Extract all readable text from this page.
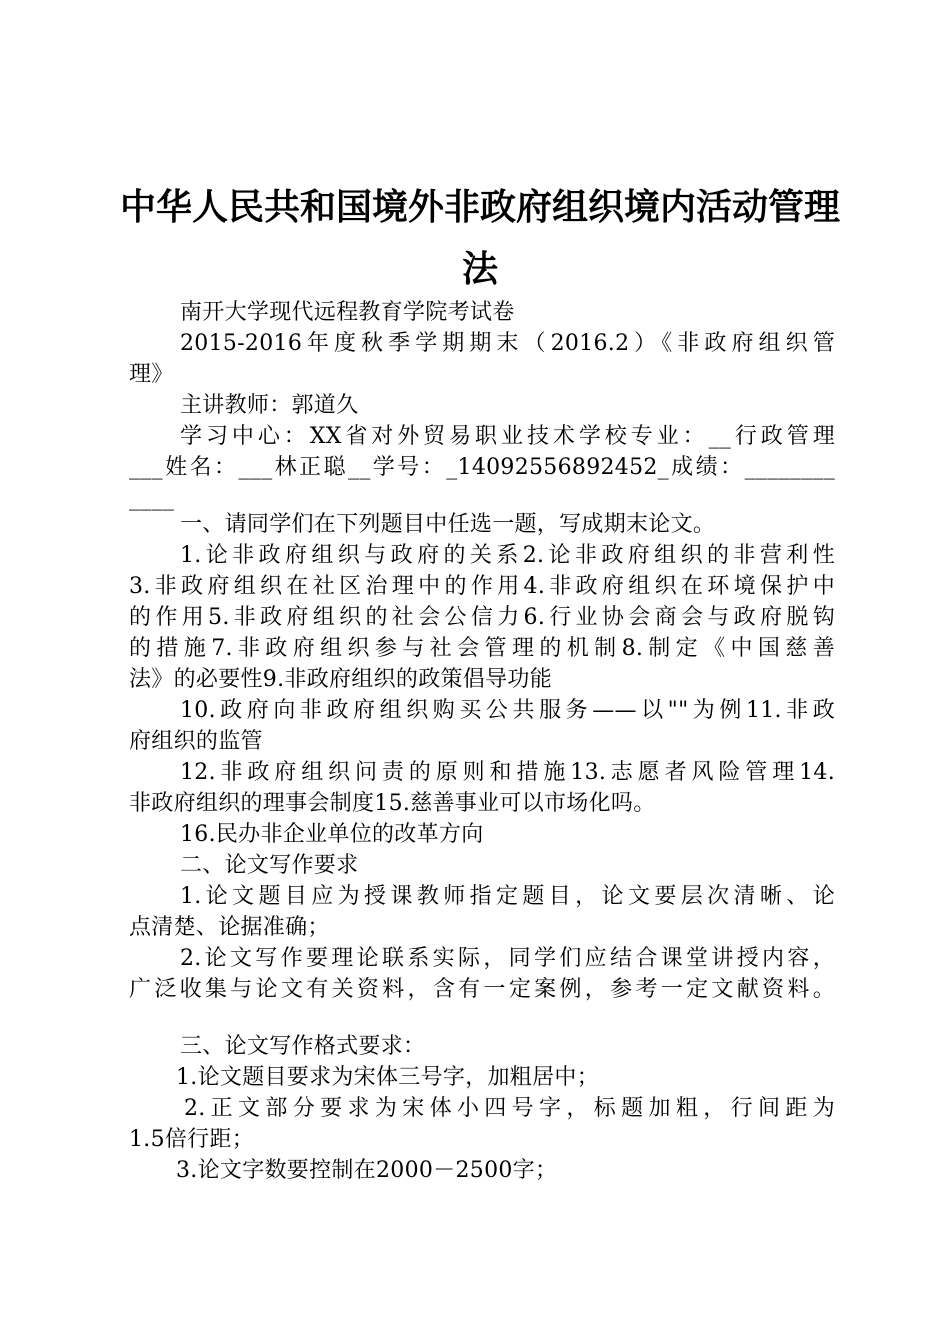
中华人民共和国境外非政府组织境内活动管理
法
南开大学现代远程教育学院考试卷
2015-2016年度秋季学期期末（2016.2）《非政府组织管
理》
主讲教师：郭道久
学习中心：XX省对外贸易职业技术学校专业：__行政管理
___姓名：___林正聪__学号：_14092556892452_成绩：________
____
一、请同学们在下列题目中任选一题，写成期末论文。
1.论非政府组织与政府的关系2.论非政府组织的非营利性
3.非政府组织在社区治理中的作用4.非政府组织在环境保护中
的作用5.非政府组织的社会公信力6.行业协会商会与政府脱钩
的措施7.非政府组织参与社会管理的机制8.制定《中国慈善
法》的必要性9.非政府组织的政策倡导功能
10.政府向非政府组织购买公共服务——以""为例11.非政
府组织的监管
12.非政府组织问责的原则和措施13.志愿者风险管理14.
非政府组织的理事会制度15.慈善事业可以市场化吗。
16.民办非企业单位的改革方向
二、论文写作要求
1.论文题目应为授课教师指定题目，论文要层次清晰、论
点清楚、论据准确；
2.论文写作要理论联系实际，同学们应结合课堂讲授内容，
广泛收集与论文有关资料，含有一定案例，参考一定文献资料。
三、论文写作格式要求：
1.论文题目要求为宋体三号字，加粗居中；
2.正文部分要求为宋体小四号字，标题加粗，行间距为
1.5倍行距；
3.论文字数要控制在2000－2500字；
